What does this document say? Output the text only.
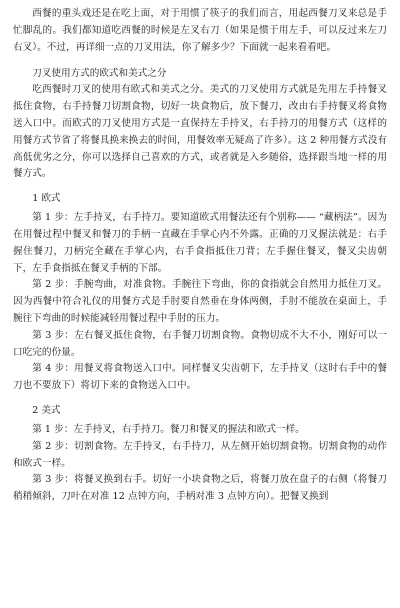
西餐的重头戏还是在吃上面，对于用惯了筷子的我们而言，用起西餐刀叉来总是手忙脚乱的。我们都知道吃西餐的时候是左叉右刀（如果是惯于用左手，可以反过来左刀右叉）。不过，再详细一点的刀叉用法，你了解多少？下面就一起来看看吧。

刀叉使用方式的欧式和美式之分

吃西餐时刀叉的使用有欧式和美式之分。美式的刀叉使用方式就是先用左手持餐叉抵住食物，右手持餐刀切割食物，切好一块食物后，放下餐刀，改由右手持餐叉将食物送入口中。而欧式的刀叉使用方式是一直保持左手持叉，右手持刀的用餐方式（这样的用餐方式节省了将餐具换来换去的时间，用餐效率无疑高了许多）。这 2 种用餐方式没有高低优劣之分，你可以选择自己喜欢的方式，或者就是入乡随俗，选择跟当地一样的用餐方式。

1 欧式

第 1 步：左手持叉，右手持刀。要知道欧式用餐法还有个别称—— “藏柄法”。因为在用餐过程中餐叉和餐刀的手柄一直藏在手掌心内不外露。正确的刀叉握法就是：右手握住餐刀，刀柄完全藏在手掌心内，右手食指抵住刀背；左手握住餐叉，餐叉尖齿朝下，左手食指抵在餐叉手柄的下部。

第 2 步：手腕弯曲，对准食物。手腕往下弯曲，你的食指就会自然用力抵住刀叉。因为西餐中符合礼仪的用餐方式是手肘要自然垂在身体两侧，手肘不能放在桌面上，手腕往下弯曲的时候能减轻用餐过程中手肘的压力。

第 3 步：左右餐叉抵住食物，右手餐刀切割食物。食物切成不大不小，刚好可以一口吃完的份量。

第 4 步：用餐叉将食物送入口中。同样餐叉尖齿朝下，左手持叉（这时右手中的餐刀也不要放下）将切下来的食物送入口中。

2 美式

第 1 步：左手持叉，右手持刀。餐刀和餐叉的握法和欧式一样。

第 2 步：切割食物。左手持叉，右手持刀，从左侧开始切割食物。切割食物的动作和欧式一样。

第 3 步：将餐叉换到右手。切好一小块食物之后，将餐刀放在盘子的右侧（将餐刀稍稍倾斜，刀叶在对准 12 点钟方向，手柄对准 3 点钟方向）。把餐叉换到
